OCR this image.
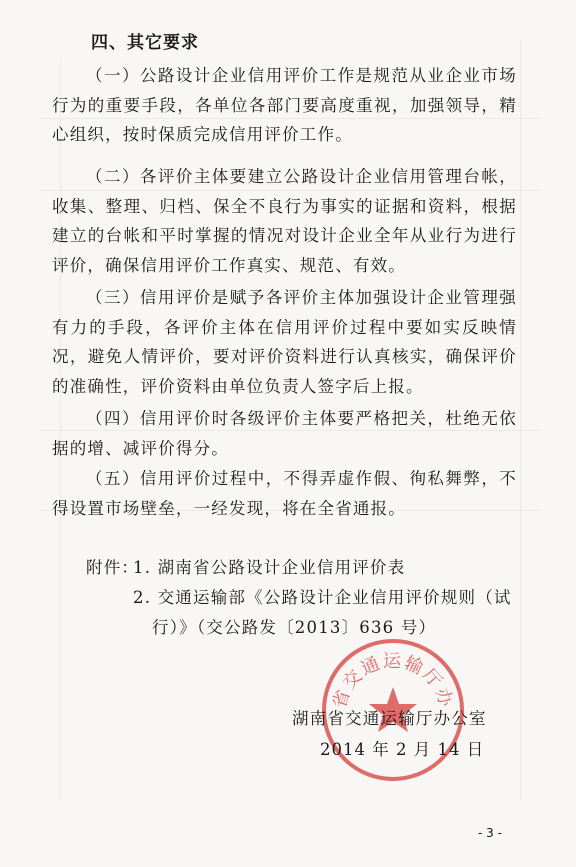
四、其它要求
（一）公路设计企业信用评价工作是规范从业企业市场行为的重要手段，各单位各部门要高度重视，加强领导，精心组织，按时保质完成信用评价工作。
（二）各评价主体要建立公路设计企业信用管理台帐，收集、整理、归档、保全不良行为事实的证据和资料，根据建立的台帐和平时掌握的情况对设计企业全年从业行为进行评价，确保信用评价工作真实、规范、有效。
（三）信用评价是赋予各评价主体加强设计企业管理强有力的手段，各评价主体在信用评价过程中要如实反映情况，避免人情评价，要对评价资料进行认真核实，确保评价的准确性，评价资料由单位负责人签字后上报。
（四）信用评价时各级评价主体要严格把关，杜绝无依据的增、减评价得分。
（五）信用评价过程中，不得弄虚作假、徇私舞弊，不得设置市场壁垒，一经发现，将在全省通报。
附件：
1. 湖南省公路设计企业信用评价表
2. 交通运输部《公路设计企业信用评价规则（试
行）》（交公路发〔2013〕636 号）
省交通运输厅办
湖南省交通运输厅办公室
2014 年 2 月 14 日
- 3 -
